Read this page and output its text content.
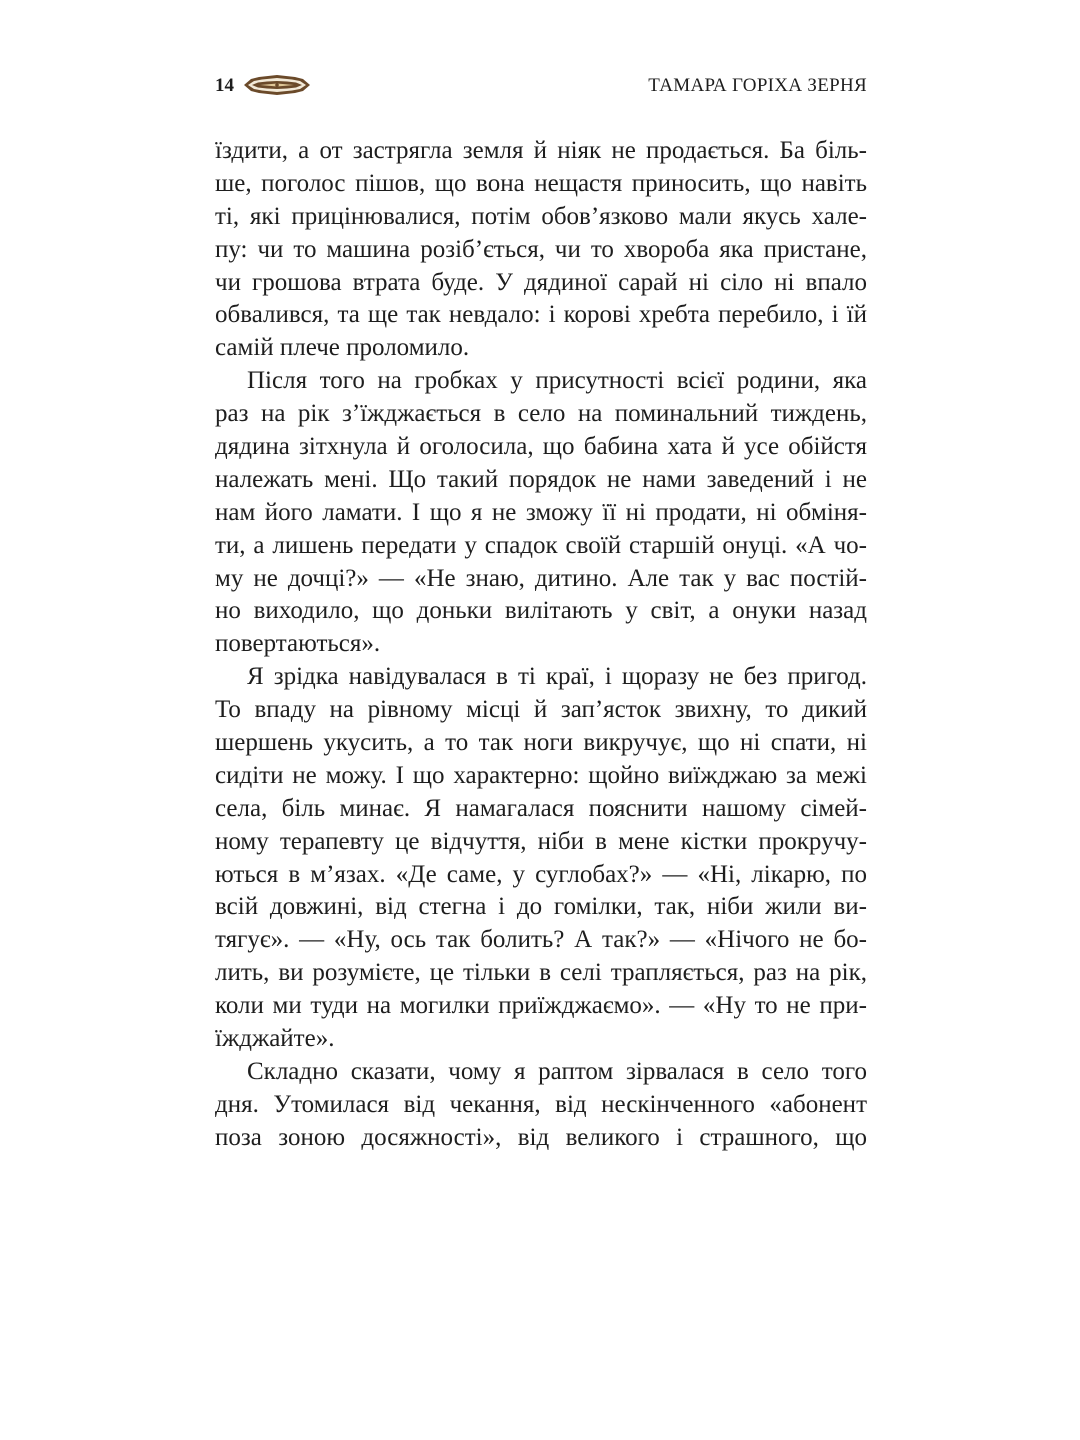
14	ТАМАРА ГОРІХА ЗЕРНЯ
їздити, а от застрягла земля й ніяк не продається. Ба біль-
ше, поголос пішов, що вона нещастя приносить, що навіть
ті, які прицінювалися, потім обов’язково мали якусь хале-
пу: чи то машина розіб’ється, чи то хвороба яка пристане,
чи грошова втрата буде. У дядиної сарай ні сіло ні впало
обвалився, та ще так невдало: і корові хребта перебило, і їй
самій плече проломило.
Після того на гробках у присутності всієї родини, яка
раз на рік з’їжджається в село на поминальний тиждень,
дядина зітхнула й оголосила, що бабина хата й усе обійстя
належать мені. Що такий порядок не нами заведений і не
нам його ламати. І що я не зможу її ні продати, ні обміня-
ти, а лишень передати у спадок своїй старшій онуці. «А чо-
му не дочці?» — «Не знаю, дитино. Але так у вас постій-
но виходило, що доньки вилітають у світ, а онуки назад
повертаються».
Я зрідка навідувалася в ті краї, і щоразу не без пригод.
То впаду на рівному місці й зап’ясток звихну, то дикий
шершень укусить, а то так ноги викручує, що ні спати, ні
сидіти не можу. І що характерно: щойно виїжджаю за межі
села, біль минає. Я намагалася пояснити нашому сімей-
ному терапевту це відчуття, ніби в мене кістки прокручу-
ються в м’язах. «Де саме, у суглобах?» — «Ні, лікарю, по
всій довжині, від стегна і до гомілки, так, ніби жили ви-
тягує». — «Ну, ось так болить? А так?» — «Нічого не бо-
лить, ви розумієте, це тільки в селі трапляється, раз на рік,
коли ми туди на могилки приїжджаємо». — «Ну то не при-
їжджайте».
Складно сказати, чому я раптом зірвалася в село того
дня. Утомилася від чекання, від нескінченного «абонент
поза зоною досяжності», від великого і страшного, що
